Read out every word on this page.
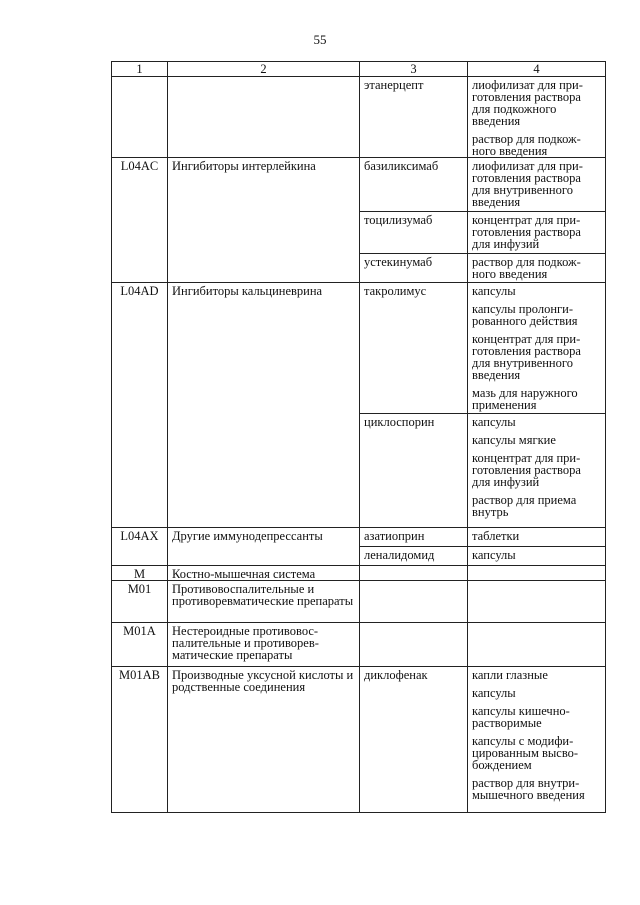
55
1	2	3	4
		этанерцепт	лиофилизат для при-готовления раствора для подкожного введения
раствор для подкож-ного введения

L04AC	Ингибиторы интерлейкина	базиликсимаб	лиофилизат для при-готовления раствора для внутривенного введения

		тоцилизумаб	концентрат для при-готовления раствора для инфузий

		устекинумаб	раствор для подкож-ного введения

L04AD	Ингибиторы кальциневрина	такролимус	капсулы
капсулы пролонги-рованного действия
концентрат для при-готовления раствора для внутривенного введения
мазь для наружного применения

		циклоспорин	капсулы
капсулы мягкие
концентрат для при-готовления раствора для инфузий
раствор для приема внутрь

L04AX	Другие иммунодепрессанты	азатиоприн	таблетки

		леналидомид	капсулы

M	Костно-мышечная система		
M01	Противовоспалительные и противоревматические препараты		
M01A	Нестероидные противовос-палительные и противорев-матические препараты		
M01AB	Производные уксусной кислоты и родственные соединения	диклофенак	капли глазные
капсулы
капсулы кишечно-растворимые
капсулы с модифи-цированным высво-бождением
раствор для внутри-мышечного введения
